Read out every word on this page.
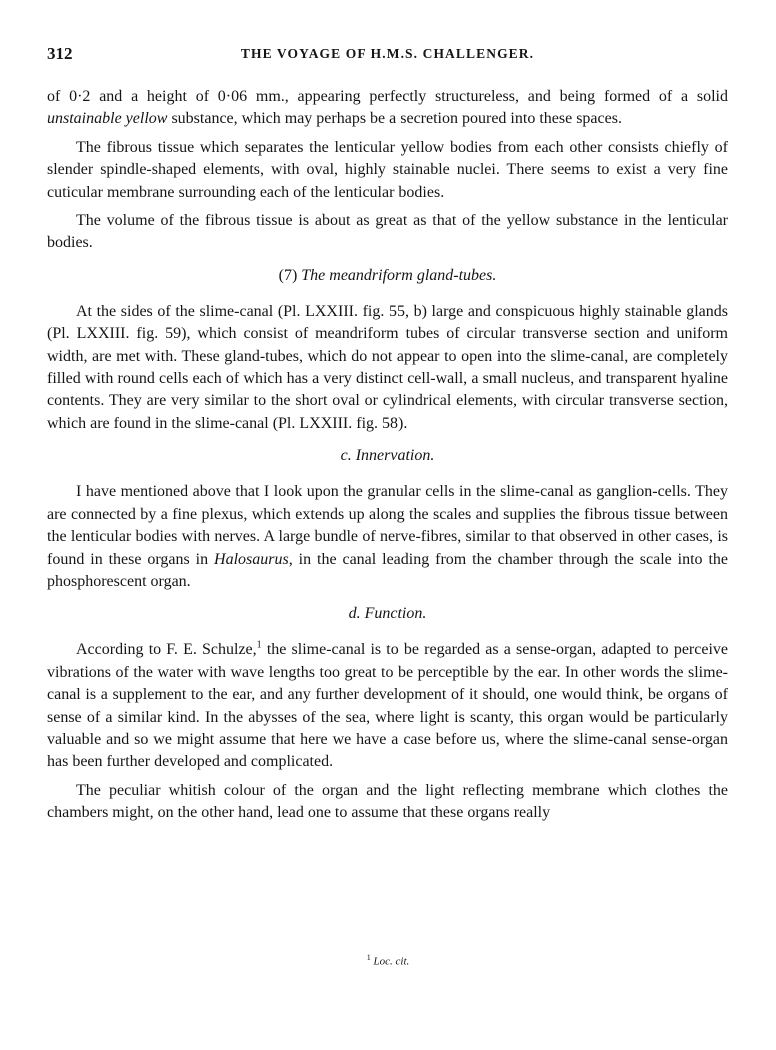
312	THE VOYAGE OF H.M.S. CHALLENGER.

of 0·2 and a height of 0·06 mm., appearing perfectly structureless, and being formed of a solid unstainable yellow substance, which may perhaps be a secretion poured into these spaces.

The fibrous tissue which separates the lenticular yellow bodies from each other consists chiefly of slender spindle-shaped elements, with oval, highly stainable nuclei. There seems to exist a very fine cuticular membrane surrounding each of the lenticular bodies.

The volume of the fibrous tissue is about as great as that of the yellow substance in the lenticular bodies.

(7) The meandriform gland-tubes.

At the sides of the slime-canal (Pl. LXXIII. fig. 55, b) large and conspicuous highly stainable glands (Pl. LXXIII. fig. 59), which consist of meandriform tubes of circular transverse section and uniform width, are met with. These gland-tubes, which do not appear to open into the slime-canal, are completely filled with round cells each of which has a very distinct cell-wall, a small nucleus, and transparent hyaline contents. They are very similar to the short oval or cylindrical elements, with circular transverse section, which are found in the slime-canal (Pl. LXXIII. fig. 58).

c. Innervation.

I have mentioned above that I look upon the granular cells in the slime-canal as ganglion-cells. They are connected by a fine plexus, which extends up along the scales and supplies the fibrous tissue between the lenticular bodies with nerves. A large bundle of nerve-fibres, similar to that observed in other cases, is found in these organs in Halosaurus, in the canal leading from the chamber through the scale into the phosphorescent organ.

d. Function.

According to F. E. Schulze,$^1$ the slime-canal is to be regarded as a sense-organ, adapted to perceive vibrations of the water with wave lengths too great to be perceptible by the ear. In other words the slime-canal is a supplement to the ear, and any further development of it should, one would think, be organs of sense of a similar kind. In the abysses of the sea, where light is scanty, this organ would be particularly valuable and so we might assume that here we have a case before us, where the slime-canal sense-organ has been further developed and complicated.

The peculiar whitish colour of the organ and the light reflecting membrane which clothes the chambers might, on the other hand, lead one to assume that these organs really

$^1$ Loc. cit.
